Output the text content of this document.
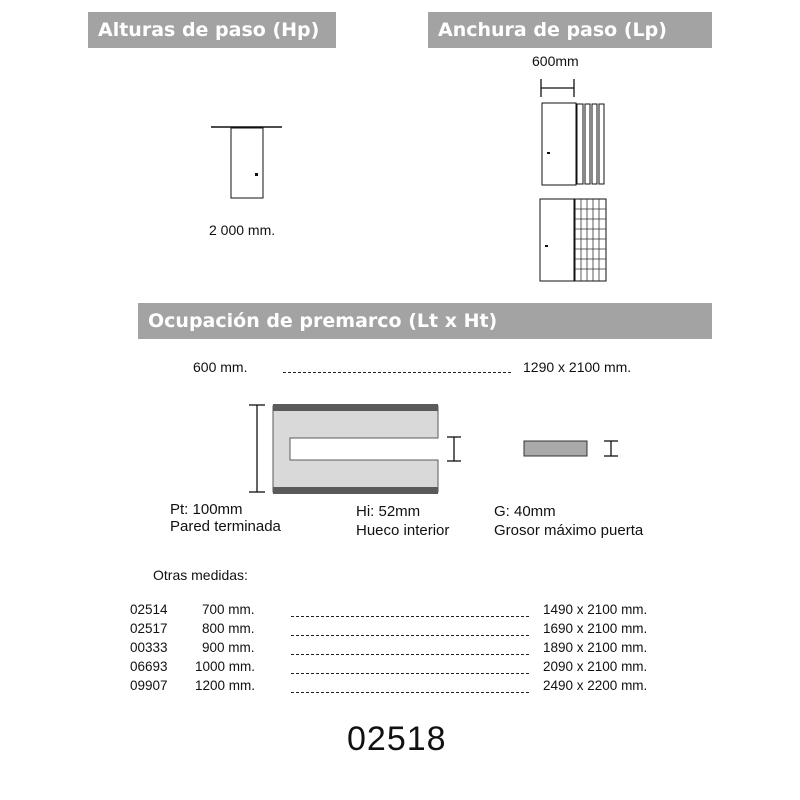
Alturas de paso (Hp)	Anchura de paso (Lp)
Ocupación de premarco (Lt x Ht)
2 000 mm.
600mm
600 mm.	1290 x 2100 mm.
Pt: 100mm
Pared terminada
Hi: 52mm
Hueco interior
G: 40mm
Grosor máximo puerta
Otras medidas:
02514	700 mm.	1490 x 2100 mm.
02517	800 mm.	1690 x 2100 mm.
00333	900 mm.	1890 x 2100 mm.
06693 1000 mm.	2090 x 2100 mm.
09907 1200 mm.	2490 x 2200 mm.
02518
